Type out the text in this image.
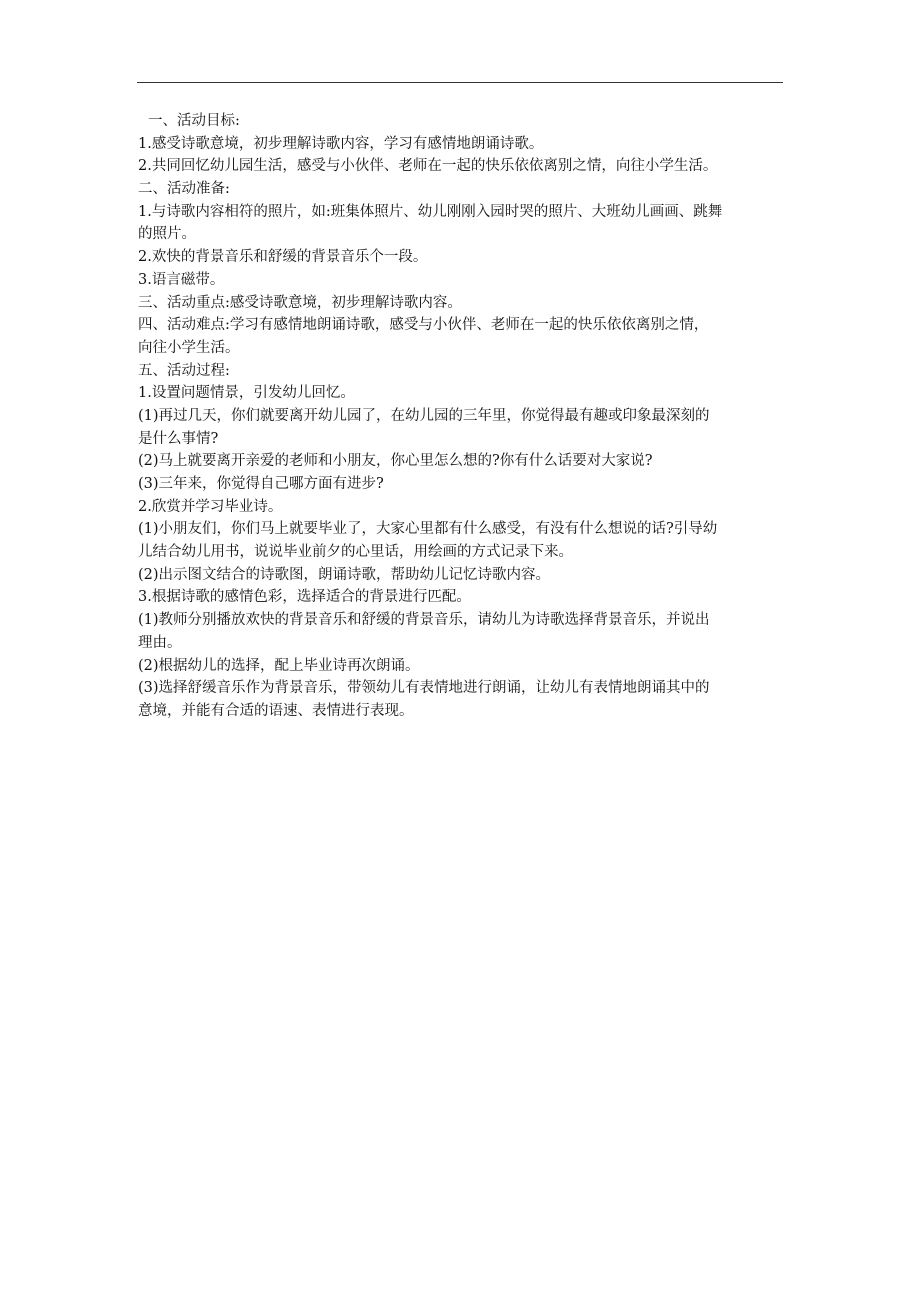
一、活动目标:
1.感受诗歌意境，初步理解诗歌内容，学习有感情地朗诵诗歌。
2.共同回忆幼儿园生活，感受与小伙伴、老师在一起的快乐依依离别之情，向往小学生活。
二、活动准备:
1.与诗歌内容相符的照片，如:班集体照片、幼儿刚刚入园时哭的照片、大班幼儿画画、跳舞
的照片。
2.欢快的背景音乐和舒缓的背景音乐个一段。
3.语言磁带。
三、活动重点:感受诗歌意境，初步理解诗歌内容。
四、活动难点:学习有感情地朗诵诗歌，感受与小伙伴、老师在一起的快乐依依离别之情，
向往小学生活。
五、活动过程:
1.设置问题情景，引发幼儿回忆。
(1)再过几天，你们就要离开幼儿园了，在幼儿园的三年里，你觉得最有趣或印象最深刻的
是什么事情?
(2)马上就要离开亲爱的老师和小朋友，你心里怎么想的?你有什么话要对大家说?
(3)三年来，你觉得自己哪方面有进步?
2.欣赏并学习毕业诗。
(1)小朋友们，你们马上就要毕业了，大家心里都有什么感受，有没有什么想说的话?引导幼
儿结合幼儿用书，说说毕业前夕的心里话，用绘画的方式记录下来。
(2)出示图文结合的诗歌图，朗诵诗歌，帮助幼儿记忆诗歌内容。
3.根据诗歌的感情色彩，选择适合的背景进行匹配。
(1)教师分别播放欢快的背景音乐和舒缓的背景音乐，请幼儿为诗歌选择背景音乐，并说出
理由。
(2)根据幼儿的选择，配上毕业诗再次朗诵。
(3)选择舒缓音乐作为背景音乐，带领幼儿有表情地进行朗诵，让幼儿有表情地朗诵其中的
意境，并能有合适的语速、表情进行表现。
